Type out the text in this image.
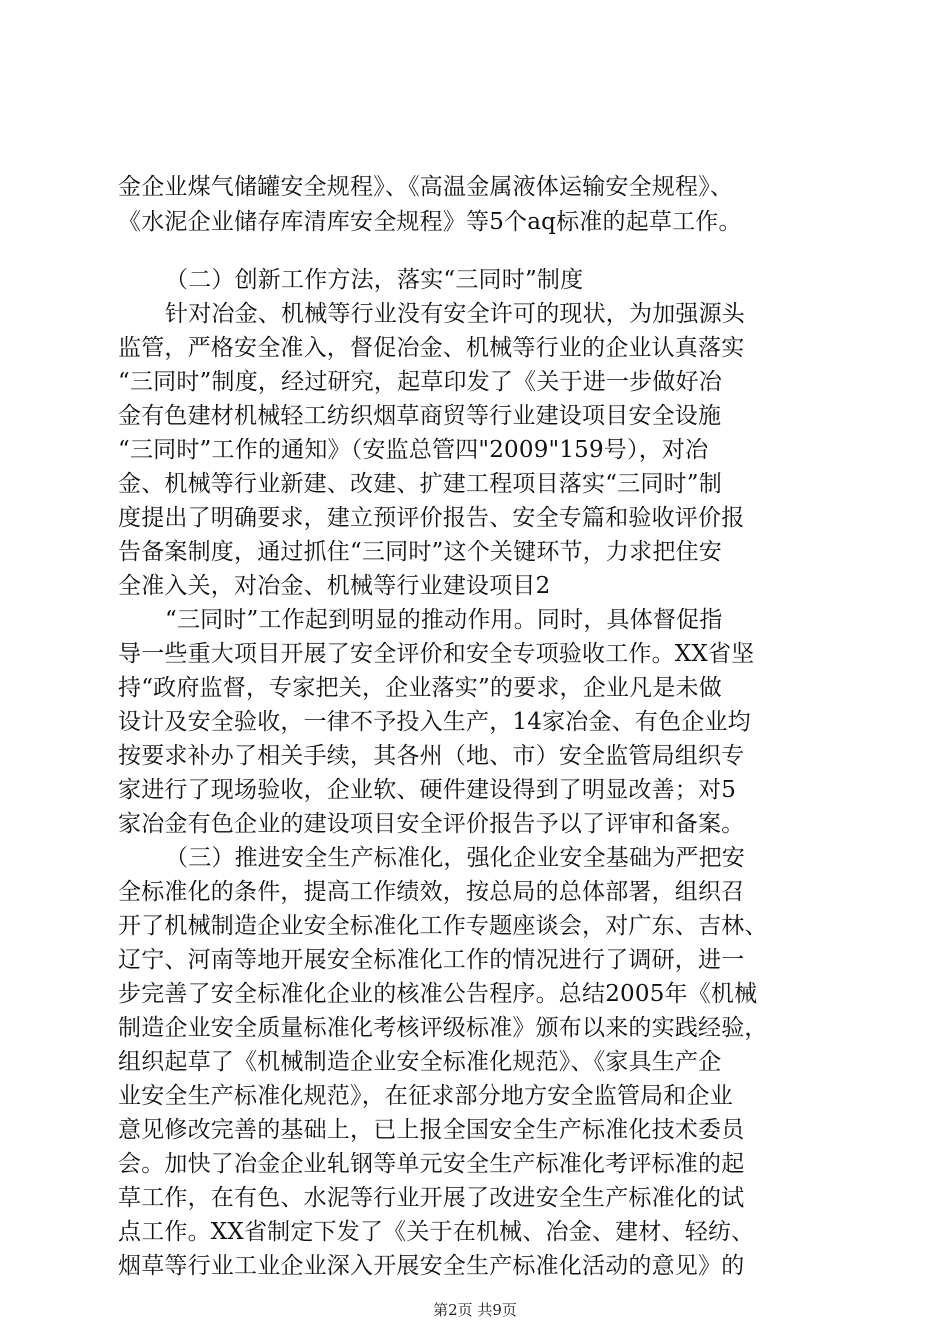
金企业煤气储罐安全规程》、《高温金属液体运输安全规程》、
《水泥企业储存库清库安全规程》等5个aq标准的起草工作。
（二）创新工作方法，落实“三同时”制度
针对冶金、机械等行业没有安全许可的现状，为加强源头
监管，严格安全准入，督促冶金、机械等行业的企业认真落实
“三同时”制度，经过研究，起草印发了《关于进一步做好冶
金有色建材机械轻工纺织烟草商贸等行业建设项目安全设施
“三同时”工作的通知》（安监总管四"2009"159号），对冶
金、机械等行业新建、改建、扩建工程项目落实“三同时”制
度提出了明确要求，建立预评价报告、安全专篇和验收评价报
告备案制度，通过抓住“三同时”这个关键环节，力求把住安
全准入关，对冶金、机械等行业建设项目2
“三同时”工作起到明显的推动作用。同时，具体督促指
导一些重大项目开展了安全评价和安全专项验收工作。XX省坚
持“政府监督，专家把关，企业落实”的要求，企业凡是未做
设计及安全验收，一律不予投入生产，14家冶金、有色企业均
按要求补办了相关手续，其各州（地、市）安全监管局组织专
家进行了现场验收，企业软、硬件建设得到了明显改善；对5
家冶金有色企业的建设项目安全评价报告予以了评审和备案。
（三）推进安全生产标准化，强化企业安全基础为严把安
全标准化的条件，提高工作绩效，按总局的总体部署，组织召
开了机械制造企业安全标准化工作专题座谈会，对广东、吉林、
辽宁、河南等地开展安全标准化工作的情况进行了调研，进一
步完善了安全标准化企业的核准公告程序。总结2005年《机械
制造企业安全质量标准化考核评级标准》颁布以来的实践经验，
组织起草了《机械制造企业安全标准化规范》、《家具生产企
业安全生产标准化规范》，在征求部分地方安全监管局和企业
意见修改完善的基础上，已上报全国安全生产标准化技术委员
会。加快了冶金企业轧钢等单元安全生产标准化考评标准的起
草工作，在有色、水泥等行业开展了改进安全生产标准化的试
点工作。XX省制定下发了《关于在机械、冶金、建材、轻纺、
烟草等行业工业企业深入开展安全生产标准化活动的意见》的
第2页 共9页
